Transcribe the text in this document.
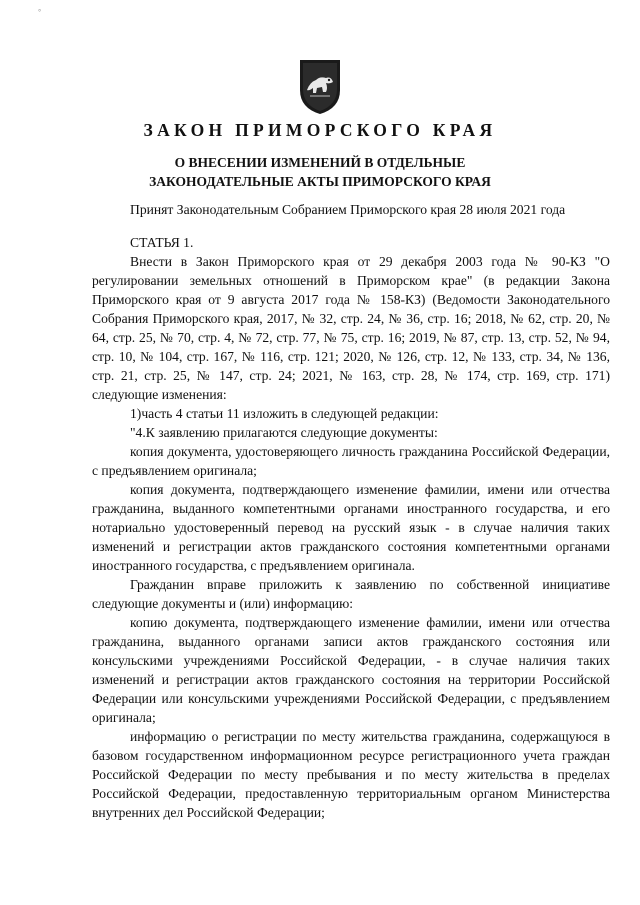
°
ЗАКОН ПРИМОРСКОГО КРАЯ
О ВНЕСЕНИИ ИЗМЕНЕНИЙ В ОТДЕЛЬНЫЕ
ЗАКОНОДАТЕЛЬНЫЕ АКТЫ ПРИМОРСКОГО КРАЯ

Принят Законодательным Собранием Приморского края 28 июля 2021 года

СТАТЬЯ 1.

Внести в Закон Приморского края от 29 декабря 2003 года № 90-КЗ "О регулировании земельных отношений в Приморском крае" (в редакции Закона Приморского края от 9 августа 2017 года № 158-КЗ) (Ведомости Законодательного Собрания Приморского края, 2017, № 32, стр. 24, № 36, стр. 16; 2018, № 62, стр. 20, № 64, стр. 25, № 70, стр. 4, № 72, стр. 77, № 75, стр. 16; 2019, № 87, стр. 13, стр. 52, № 94, стр. 10, № 104, стр. 167, № 116, стр. 121; 2020, № 126, стр. 12, № 133, стр. 34, № 136, стр. 21, стр. 25, № 147, стр. 24; 2021, № 163, стр. 28, № 174, стр. 169, стр. 171) следующие изменения:

1)часть 4 статьи 11 изложить в следующей редакции:

"4.К заявлению прилагаются следующие документы:

копия документа, удостоверяющего личность гражданина Российской Федерации, с предъявлением оригинала;

копия документа, подтверждающего изменение фамилии, имени или отчества гражданина, выданного компетентными органами иностранного государства, и его нотариально удостоверенный перевод на русский язык - в случае наличия таких изменений и регистрации актов гражданского состояния компетентными органами иностранного государства, с предъявлением оригинала.

Гражданин вправе приложить к заявлению по собственной инициативе следующие документы и (или) информацию:

копию документа, подтверждающего изменение фамилии, имени или отчества гражданина, выданного органами записи актов гражданского состояния или консульскими учреждениями Российской Федерации, - в случае наличия таких изменений и регистрации актов гражданского состояния на территории Российской Федерации или консульскими учреждениями Российской Федерации, с предъявлением оригинала;

информацию о регистрации по месту жительства гражданина, содержащуюся в базовом государственном информационном ресурсе регистрационного учета граждан Российской Федерации по месту пребывания и по месту жительства в пределах Российской Федерации, предоставленную территориальным органом Министерства внутренних дел Российской Федерации;
